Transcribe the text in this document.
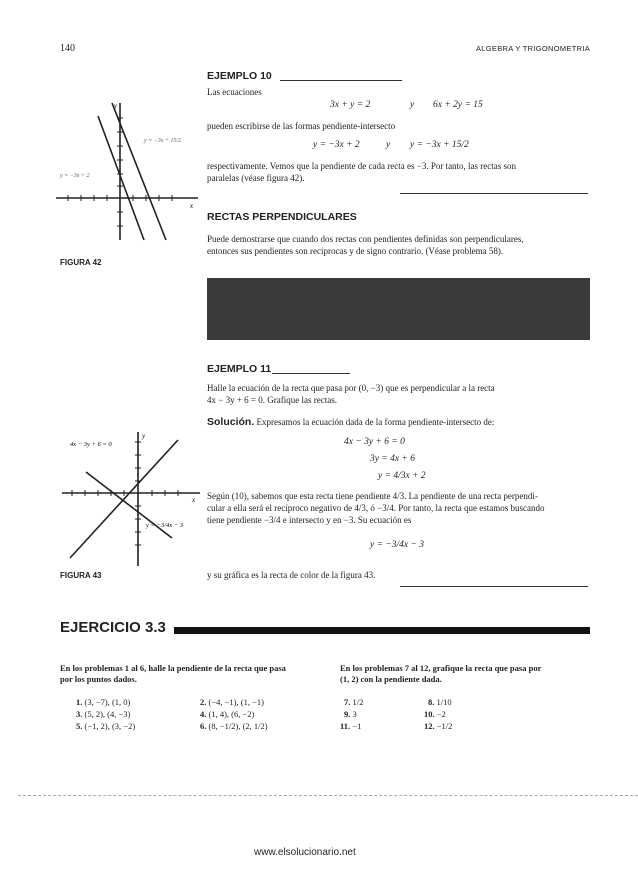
140	ALGEBRA Y TRIGONOMETRIA
EJEMPLO 10
Las ecuaciones
3x + y = 2	y 6x + 2y = 15
pueden escribirse de las formas pendiente-intersecto
y = −3x + 2	y y = −3x + 15/2
respectivamente. Vemos que la pendiente de cada recta es −3. Por tanto, las rectas son
paralelas (véase figura 42).
RECTAS PERPENDICULARES
Puede demostrarse que cuando dos rectas con pendientes definidas son perpendiculares,
entonces sus pendientes son recíprocas y de signo contrario. (Véase problema 58).
y
x
y = −3x + 15/2
y = −3x + 2
FIGURA 42
EJEMPLO 11
Halle la ecuación de la recta que pasa por (0, −3) que es perpendicular a la recta
4x − 3y + 6 = 0. Grafique las rectas.
Solución. Expresamos la ecuación dada de la forma pendiente-intersecto de:
4x − 3y + 6 = 0
3y = 4x + 6
y = 4/3x + 2
Según (10), sabemos que esta recta tiene pendiente 4/3. La pendiente de una recta perpendi-
cular a ella será el recíproco negativo de 4/3, ó −3/4. Por tanto, la recta que estamos buscando
tiene pendiente −3/4 e intersecto y en −3. Su ecuación es
y = −3/4x − 3
y su gráfica es la recta de color de la figura 43.
y
x
4x − 3y + 6 = 0
y = −3/4x − 3
FIGURA 43
EJERCICIO 3.3
En los problemas 1 al 6, halle la pendiente de la recta que pasa
por los puntos dados.
En los problemas 7 al 12, grafique la recta que pasa por
(1, 2) con la pendiente dada.
1. (3, −7), (1, 0)	2. (−4, −1), (1, −1)
3. (5, 2), (4, −3)	4. (1, 4), (6, −2)
5. (−1, 2), (3, −2)	6. (8, −1/2), (2, 1/2)
7. 1/2	8. 1/10
9. 3	10. −2
11. −1	12. −1/2
www.elsolucionario.net
